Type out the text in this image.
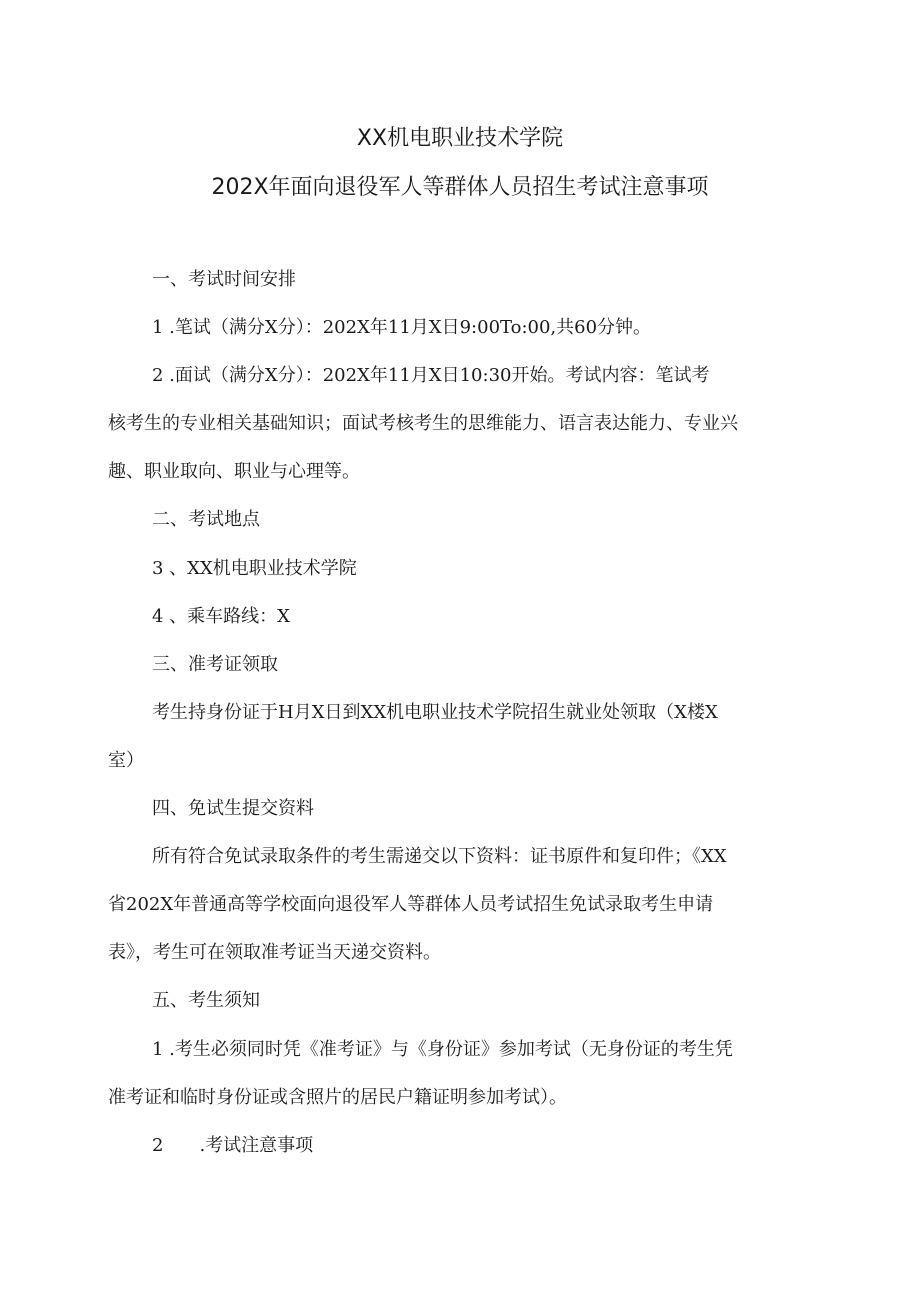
XX机电职业技术学院
202X年面向退役军人等群体人员招生考试注意事项
一、考试时间安排
1 .笔试（满分X分）：202X年11月X日9:00To:00,共60分钟。
2 .面试（满分X分）：202X年11月X日10:30开始。考试内容：笔试考
核考生的专业相关基础知识；面试考核考生的思维能力、语言表达能力、专业兴
趣、职业取向、职业与心理等。
二、考试地点
3 、XX机电职业技术学院
4 、乘车路线：X
三、准考证领取
考生持身份证于H月X日到XX机电职业技术学院招生就业处领取（X楼X
室）
四、免试生提交资料
所有符合免试录取条件的考生需递交以下资料：证书原件和复印件；《XX
省202X年普通高等学校面向退役军人等群体人员考试招生免试录取考生申请
表》，考生可在领取准考证当天递交资料。
五、考生须知
1 .考生必须同时凭《准考证》与《身份证》参加考试（无身份证的考生凭
准考证和临时身份证或含照片的居民户籍证明参加考试）。
2　　.考试注意事项
